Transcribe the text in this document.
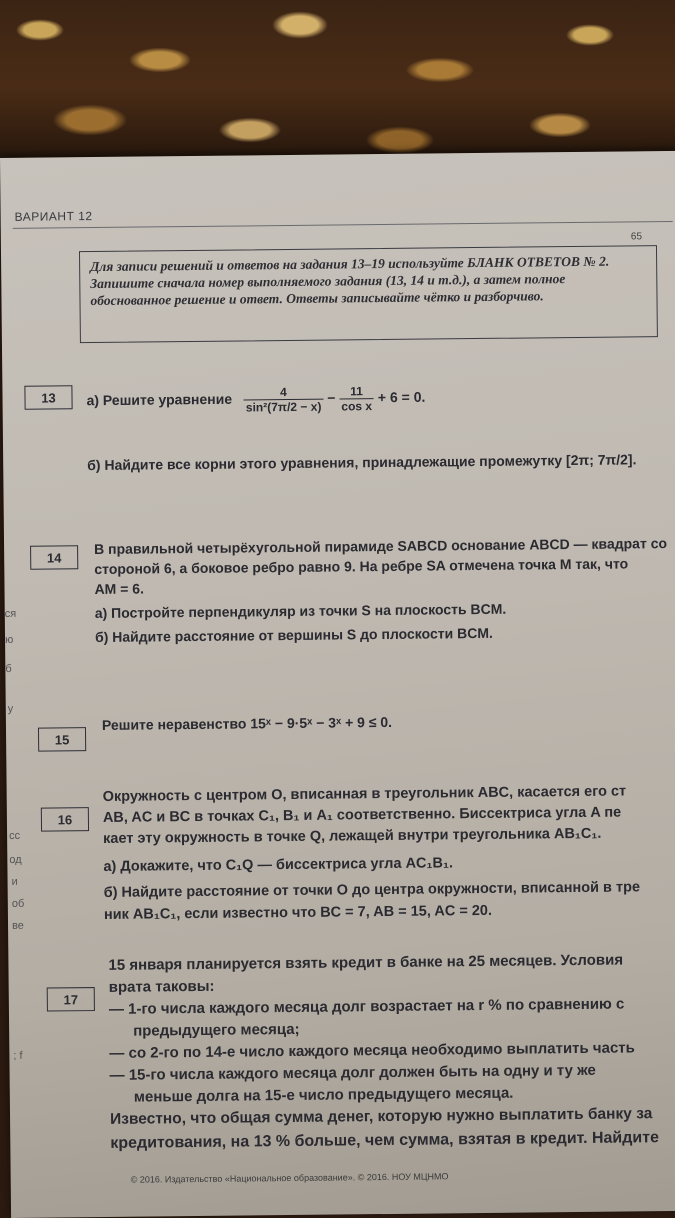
ВАРИАНТ 12
65
Для записи решений и ответов на задания 13–19 используйте БЛАНК ОТВЕТОВ № 2. Запишите сначала номер выполняемого задания (13, 14 и т.д.), а затем полное обоснованное решение и ответ. Ответы записывайте чётко и разборчиво.
13	а) Решите уравнение $\frac{4}{\text{sin²(7π/2 − x)}} - \frac{11}{\text{cos x}} + 6 = 0$.
б) Найдите все корни этого уравнения, принадлежащие промежутку [2π; 7π/2].
14
В правильной четырёхугольной пирамиде SABCD основание ABCD — квадрат со
стороной 6, а боковое ребро равно 9. На ребре SA отмечена точка M так, что
AM = 6.
а) Постройте перпендикуляр из точки S на плоскость BCM.
б) Найдите расстояние от вершины S до плоскости BCM.
15
Решите неравенство 15ˣ − 9·5ˣ − 3ˣ + 9 ≤ 0.
16
Окружность с центром O, вписанная в треугольник ABC, касается его ст
AB, AC и BC в точках C₁, B₁ и A₁ соответственно. Биссектриса угла A пе
кает эту окружность в точке Q, лежащей внутри треугольника AB₁C₁.
а) Докажите, что C₁Q — биссектриса угла AC₁B₁.
б) Найдите расстояние от точки O до центра окружности, вписанной в тре
ник AB₁C₁, если известно что BC = 7, AB = 15, AC = 20.
17
15 января планируется взять кредит в банке на 25 месяцев. Условия
врата таковы:
— 1-го числа каждого месяца долг возрастает на r % по сравнению с
предыдущего месяца;
— со 2-го по 14-е число каждого месяца необходимо выплатить часть
— 15-го числа каждого месяца долг должен быть на одну и ту же
меньше долга на 15-е число предыдущего месяца.
Известно, что общая сумма денег, которую нужно выплатить банку за
кредитования, на 13 % больше, чем сумма, взятая в кредит. Найдите
© 2016. Издательство «Национальное образование». © 2016. НОУ МЦНМО
ся
ю
б
у
сс
од
и
об
ве
; f
